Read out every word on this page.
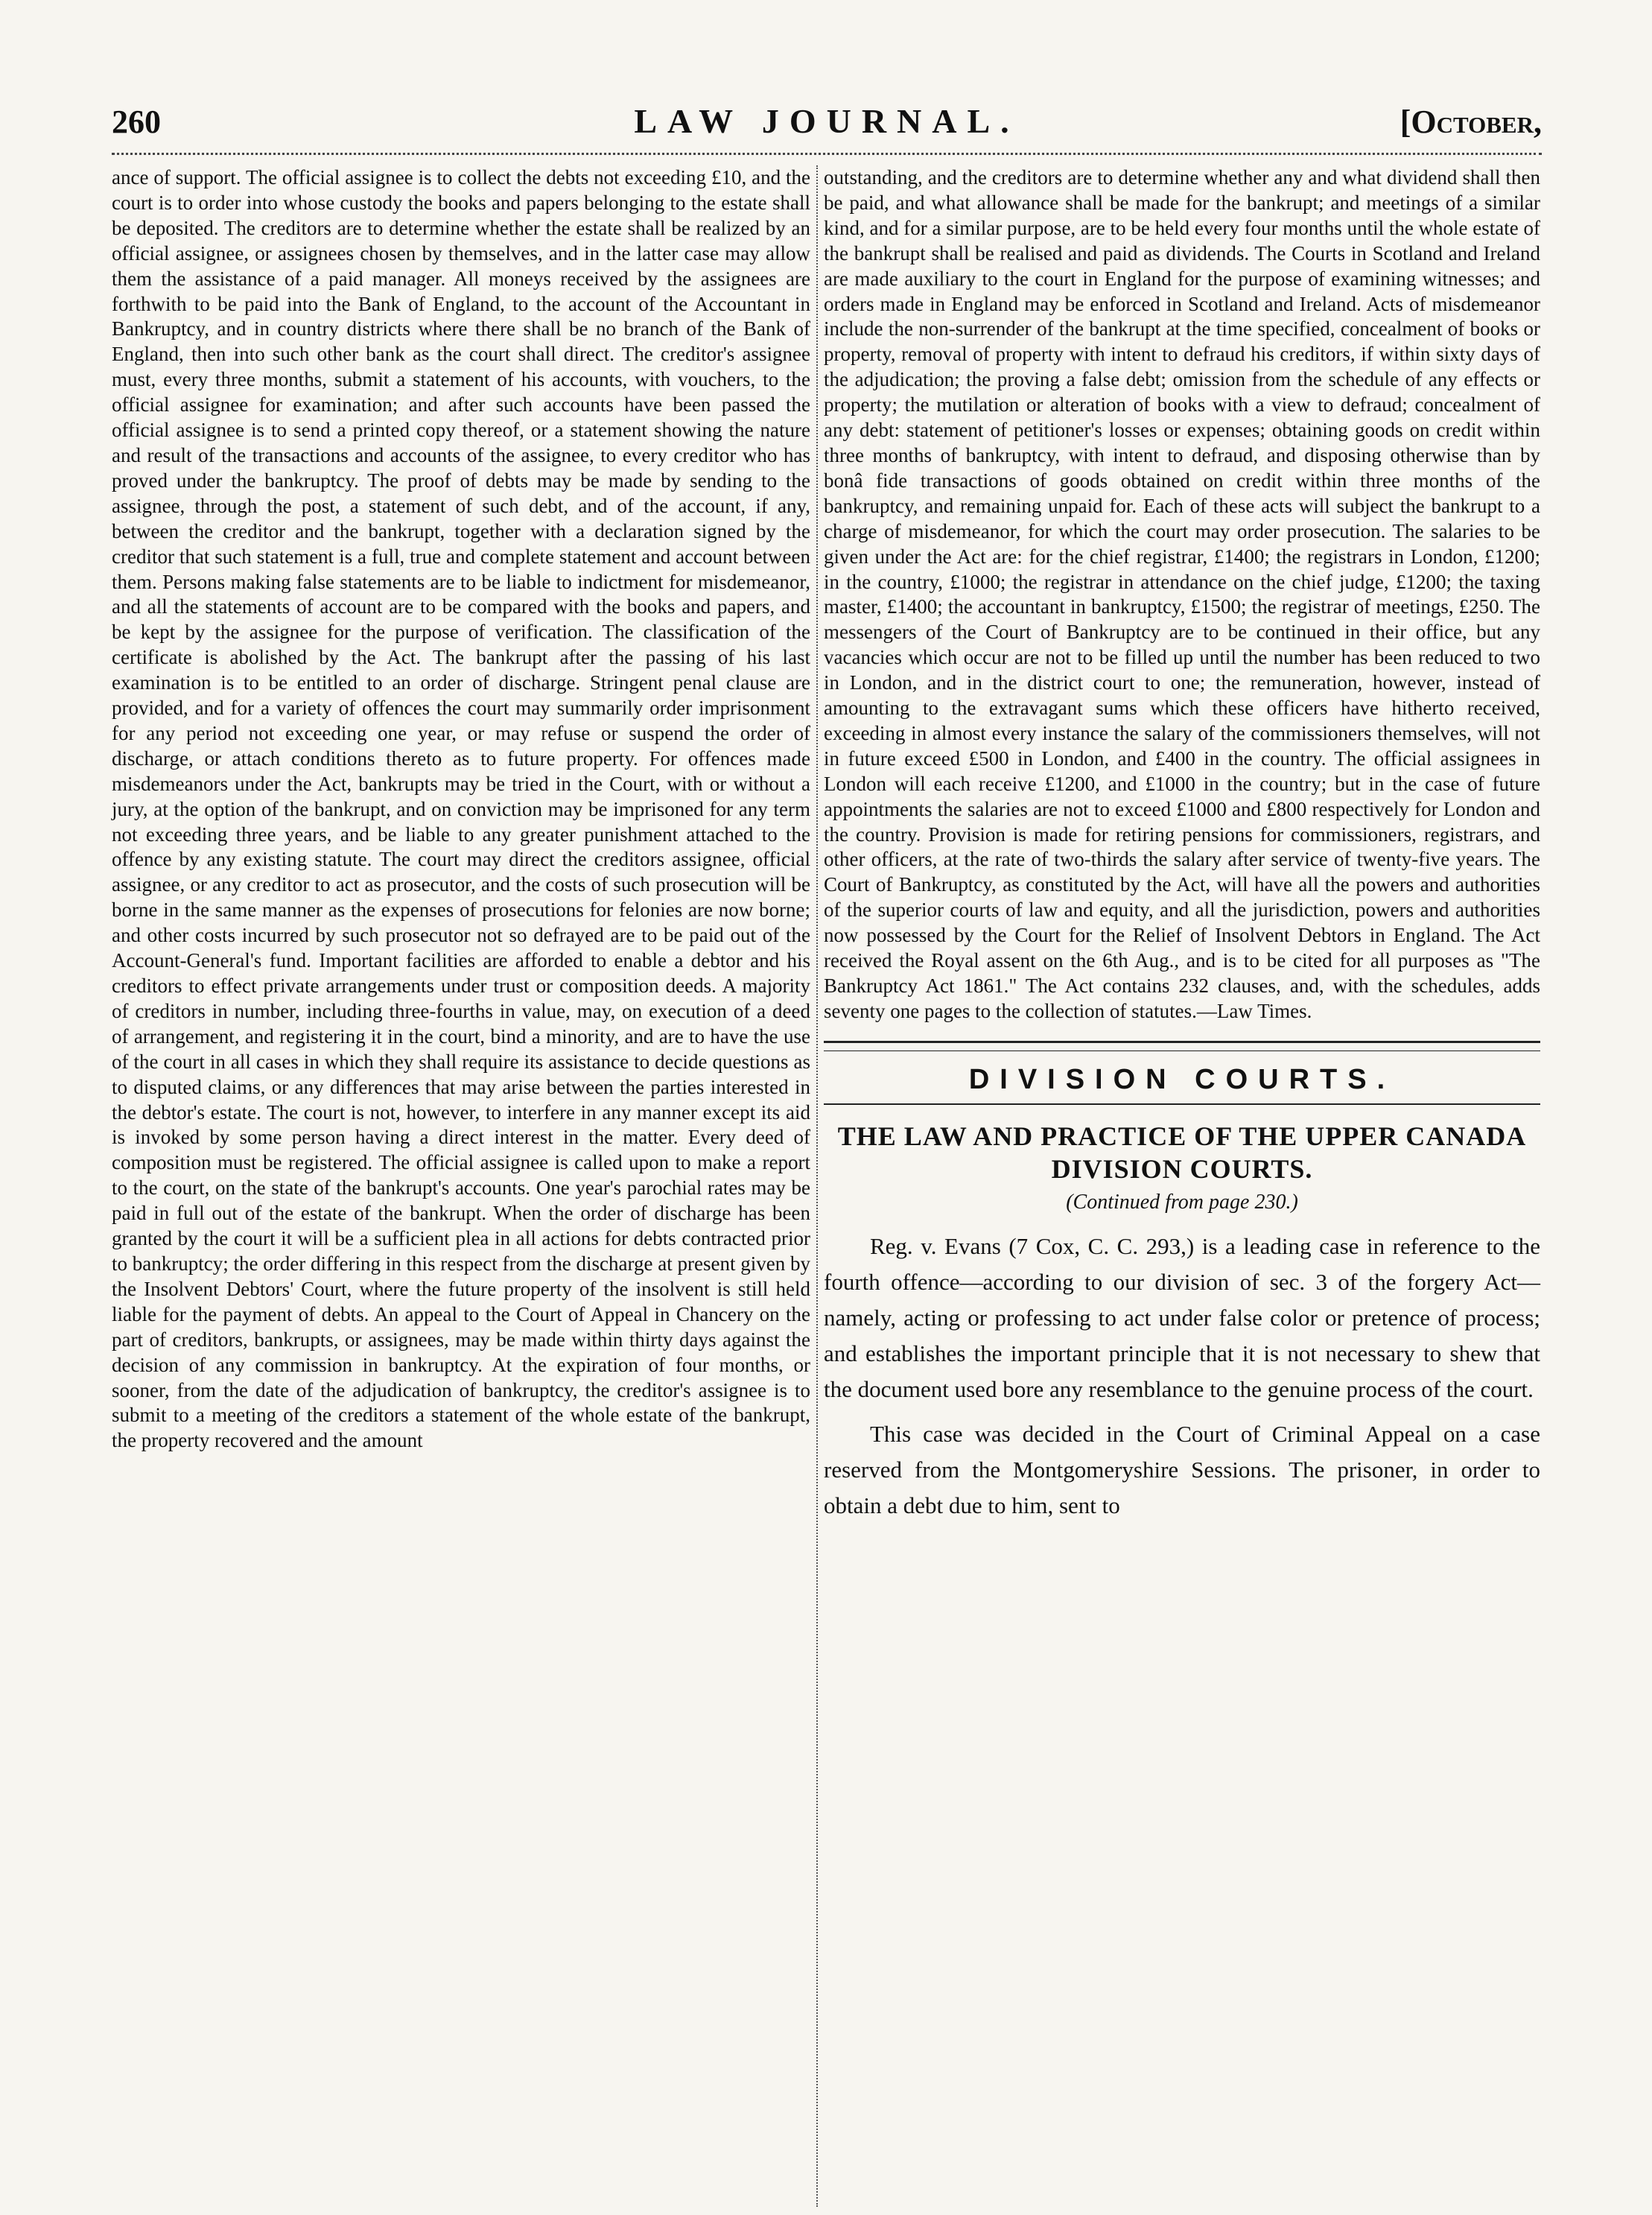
260	LAW JOURNAL.	[October,

ance of support. The official assignee is to collect the debts not exceeding £10, and the court is to order into whose custody the books and papers belonging to the estate shall be deposited. The creditors are to determine whether the estate shall be realized by an official assignee, or assignees chosen by themselves, and in the latter case may allow them the assistance of a paid manager. All moneys received by the assignees are forthwith to be paid into the Bank of England, to the account of the Accountant in Bankruptcy, and in country districts where there shall be no branch of the Bank of England, then into such other bank as the court shall direct. The creditor's assignee must, every three months, submit a statement of his accounts, with vouchers, to the official assignee for examination; and after such accounts have been passed the official assignee is to send a printed copy thereof, or a statement showing the nature and result of the transactions and accounts of the assignee, to every creditor who has proved under the bankruptcy. The proof of debts may be made by sending to the assignee, through the post, a statement of such debt, and of the account, if any, between the creditor and the bankrupt, together with a declaration signed by the creditor that such statement is a full, true and complete statement and account between them. Persons making false statements are to be liable to indictment for misdemeanor, and all the statements of account are to be compared with the books and papers, and be kept by the assignee for the purpose of verification. The classification of the certificate is abolished by the Act. The bankrupt after the passing of his last examination is to be entitled to an order of discharge. Stringent penal clause are provided, and for a variety of offences the court may summarily order imprisonment for any period not exceeding one year, or may refuse or suspend the order of discharge, or attach conditions thereto as to future property. For offences made misdemeanors under the Act, bankrupts may be tried in the Court, with or without a jury, at the option of the bankrupt, and on conviction may be imprisoned for any term not exceeding three years, and be liable to any greater punishment attached to the offence by any existing statute. The court may direct the creditors assignee, official assignee, or any creditor to act as prosecutor, and the costs of such prosecution will be borne in the same manner as the expenses of prosecutions for felonies are now borne; and other costs incurred by such prosecutor not so defrayed are to be paid out of the Account-General's fund. Important facilities are afforded to enable a debtor and his creditors to effect private arrangements under trust or composition deeds. A majority of creditors in number, including three-fourths in value, may, on execution of a deed of arrangement, and registering it in the court, bind a minority, and are to have the use of the court in all cases in which they shall require its assistance to decide questions as to disputed claims, or any differences that may arise between the parties interested in the debtor's estate. The court is not, however, to interfere in any manner except its aid is invoked by some person having a direct interest in the matter. Every deed of composition must be registered. The official assignee is called upon to make a report to the court, on the state of the bankrupt's accounts. One year's parochial rates may be paid in full out of the estate of the bankrupt. When the order of discharge has been granted by the court it will be a sufficient plea in all actions for debts contracted prior to bankruptcy; the order differing in this respect from the discharge at present given by the Insolvent Debtors' Court, where the future property of the insolvent is still held liable for the payment of debts. An appeal to the Court of Appeal in Chancery on the part of creditors, bankrupts, or assignees, may be made within thirty days against the decision of any commission in bankruptcy. At the expiration of four months, or sooner, from the date of the adjudication of bankruptcy, the creditor's assignee is to submit to a meeting of the creditors a statement of the whole estate of the bankrupt, the property recovered and the amount

outstanding, and the creditors are to determine whether any and what dividend shall then be paid, and what allowance shall be made for the bankrupt; and meetings of a similar kind, and for a similar purpose, are to be held every four months until the whole estate of the bankrupt shall be realised and paid as dividends. The Courts in Scotland and Ireland are made auxiliary to the court in England for the purpose of examining witnesses; and orders made in England may be enforced in Scotland and Ireland. Acts of misdemeanor include the non-surrender of the bankrupt at the time specified, concealment of books or property, removal of property with intent to defraud his creditors, if within sixty days of the adjudication; the proving a false debt; omission from the schedule of any effects or property; the mutilation or alteration of books with a view to defraud; concealment of any debt: statement of petitioner's losses or expenses; obtaining goods on credit within three months of bankruptcy, with intent to defraud, and disposing otherwise than by bonâ fide transactions of goods obtained on credit within three months of the bankruptcy, and remaining unpaid for. Each of these acts will subject the bankrupt to a charge of misdemeanor, for which the court may order prosecution. The salaries to be given under the Act are: for the chief registrar, £1400; the registrars in London, £1200; in the country, £1000; the registrar in attendance on the chief judge, £1200; the taxing master, £1400; the accountant in bankruptcy, £1500; the registrar of meetings, £250. The messengers of the Court of Bankruptcy are to be continued in their office, but any vacancies which occur are not to be filled up until the number has been reduced to two in London, and in the district court to one; the remuneration, however, instead of amounting to the extravagant sums which these officers have hitherto received, exceeding in almost every instance the salary of the commissioners themselves, will not in future exceed £500 in London, and £400 in the country. The official assignees in London will each receive £1200, and £1000 in the country; but in the case of future appointments the salaries are not to exceed £1000 and £800 respectively for London and the country. Provision is made for retiring pensions for commissioners, registrars, and other officers, at the rate of two-thirds the salary after service of twenty-five years. The Court of Bankruptcy, as constituted by the Act, will have all the powers and authorities of the superior courts of law and equity, and all the jurisdiction, powers and authorities now possessed by the Court for the Relief of Insolvent Debtors in England. The Act received the Royal assent on the 6th Aug., and is to be cited for all purposes as "The Bankruptcy Act 1861." The Act contains 232 clauses, and, with the schedules, adds seventy one pages to the collection of statutes.—Law Times.

DIVISION COURTS.
THE LAW AND PRACTICE OF THE UPPER CANADA DIVISION COURTS.
(Continued from page 230.)

Reg. v. Evans (7 Cox, C. C. 293,) is a leading case in reference to the fourth offence—according to our division of sec. 3 of the forgery Act—namely, acting or professing to act under false color or pretence of process; and establishes the important principle that it is not necessary to shew that the document used bore any resemblance to the genuine process of the court.

This case was decided in the Court of Criminal Appeal on a case reserved from the Montgomeryshire Sessions. The prisoner, in order to obtain a debt due to him, sent to
